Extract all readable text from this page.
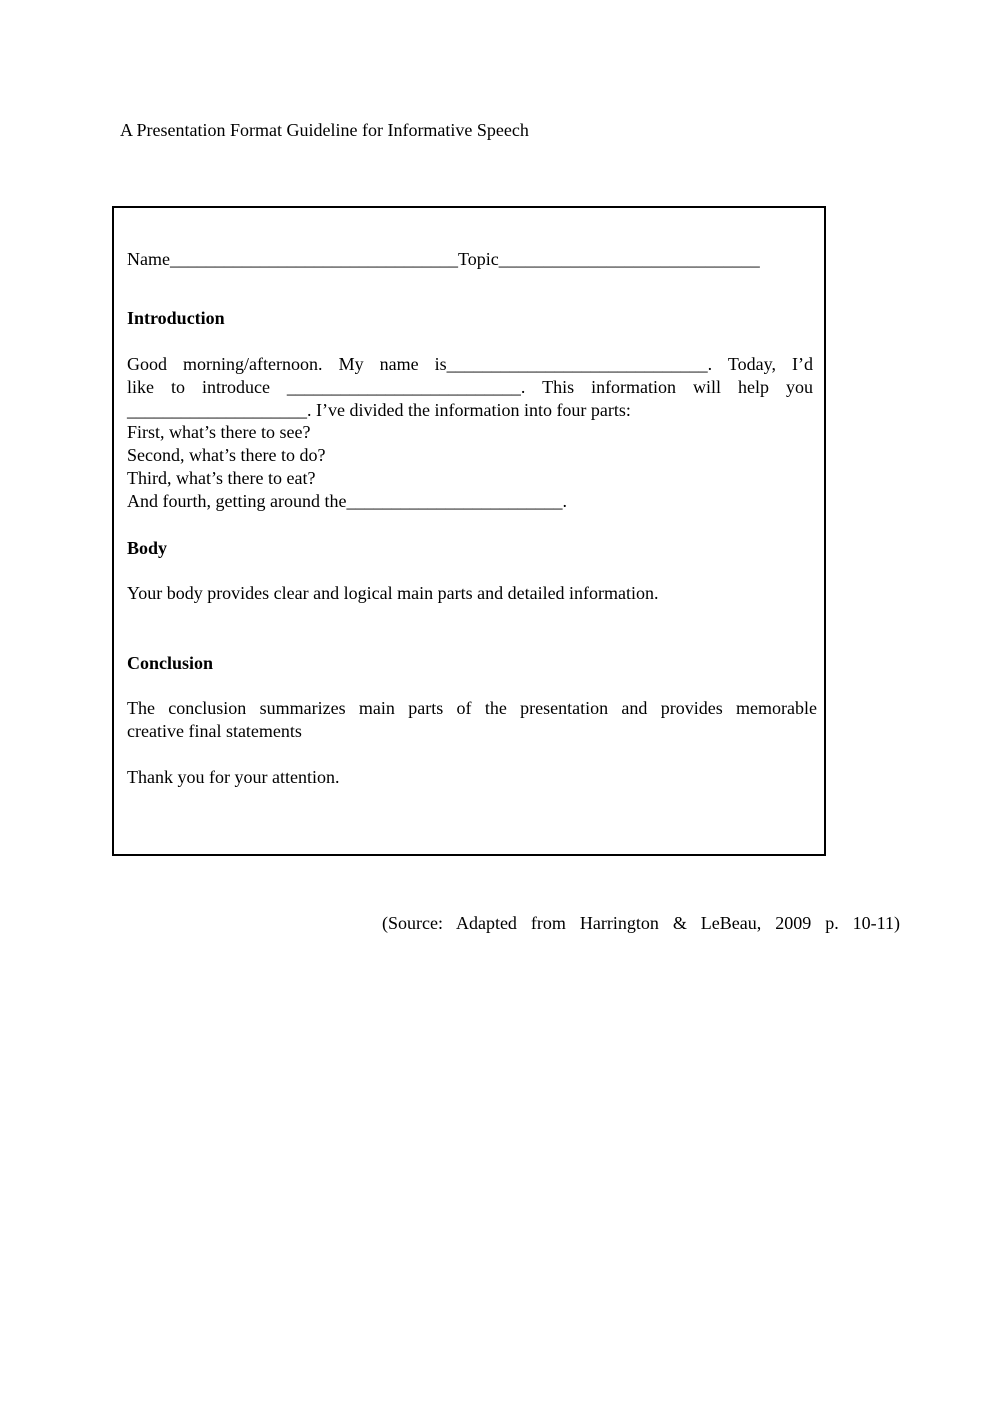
A Presentation Format Guideline for Informative Speech
Name________________________________Topic_____________________________
Introduction
Good morning/afternoon. My name is_____________________________. Today, I’d
like to introduce __________________________. This information will help you
____________________. I’ve divided the information into four parts:
First, what’s there to see?
Second, what’s there to do?
Third, what’s there to eat?
And fourth, getting around the________________________.
Body
Your body provides clear and logical main parts and detailed information.
Conclusion
The conclusion summarizes main parts of the presentation and provides memorable
creative final statements
Thank you for your attention.
(Source: Adapted from Harrington & LeBeau, 2009 p. 10-11)
